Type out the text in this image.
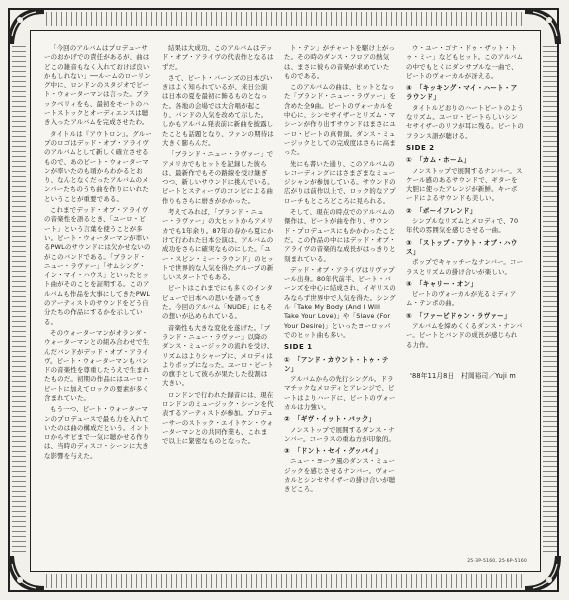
「今回のアルバムはプロデューサーのおかげでの責任があるが、曲はどこの雑音もなく入れておけば良いかもしれない」──ルームのローリング中に、ロンドンのスタジオでピート・ウォーターマンは言った。ブラックベリィをも、最初をモートのハートストックとオーディエンスは聴き入ったアルバムを完成させたわ。

タイトルは『アウトロン』。グループのロゴはデッド・オブ・アライヴのアルバムとして新しく確立させるもので、あのピート・ウォーターマンが率いたのも頃からわかるとおり、なんとなくだったアルバムのメンバーたちのうち曲を作りにいれたということが重要である。

これまでデッド・オブ・アライヴの音楽性を語るとき、「ユーロ・ビート」という言葉を使うことが多い。ビート・ウォーターマンが率いるPWLのサウンドには欠かせないのがこのバンドである。「ブランド・ニュー・ラヴァー」「サムシング・イン・マイ・ハウス」といったヒット曲がそのことを証明する。このアルバムも作品を大事にしてきたPWLのアーティストのサウンドをどう自分たちの作品にするかを示している。

そのウォーターマンがオランダ・ウォーターマンとの組み合わせで生んだバンドがデッド・オブ・アライヴ。ピート・ウォーターマンもバンドの音楽性を尊重したうえで生まれたものだ。初期の作品にはユーロ・ビートに加えてロックの要素が多く含まれていた。

もう一つ、ピート・ウォーターマンのプロデュースで最も力を入れていたのは曲の構成だという。イントロからサビまで一気に聴かせる作りは、当時のディスコ・シーンに大きな影響を与えた。

結果は大成功、このアルバムはデッド・オブ・アライヴの代表作となるはずだ。

さて、ピート・バーンズの日本びいきはよく知られているが、来日公演は日本の夏を最初に飾るものとなった。各地の会場では大合唱が起こり、バンドの人気を改めて示した。しかもアルバム発表前に新曲を披露したことも話題となり、ファンの期待は大きく膨らんだ。

「ブランド・ニュー・ラヴァー」でアメリカでもヒットを記録した彼らは、最新作でもその路線を受け継ぎつつ、新しいサウンドに挑んでいる。ピートとスティーヴのコンビによる曲作りもさらに磨きがかかった。

考えてみれば、「ブランド・ニュー・ラヴァー」の大ヒットからアメリカでも1年余り。87年の春から夏にかけて行われた日本公演は、アルバムの成功をさらに確実なものにした。「ユー・スピン・ミー・ラウンド」のヒットで世界的な人気を得たグループの新しいスタートでもある。

ピートはこれまでにも多くのインタビューで日本への思いを語ってきた。今回のアルバム「NUDE」にもその想いが込められている。

音楽性も大きな変化を遂げた。「ブランド・ニュー・ラヴァー」以降のダンス・ミュージックの流れを受け、リズムはよりシャープに、メロディはよりポップになった。ユーロ・ビートの旗手として彼らが果たした役割は大きい。

ロンドンで行われた録音には、現在ロンドンのミュージック・シーンを代表するアーティストが参加。プロデューサーのストック・エイトケン・ウォーターマンとの共同作業も、これまで以上に緊密なものとなった。

ト・テン」がチャートを駆け上がった。その時のダンス・フロアの熱気は、まさに彼らの音楽が求めていたものである。

このアルバムの曲は、ヒットとなった「ブランド・ニュー・ラヴァー」を含めた全9曲。ピートのヴォーカルを中心に、シンセサイザーとリズム・マシーンが作り出すサウンドはまさにユーロ・ビートの真骨頂。ダンス・ミュージックとしての完成度はさらに高まった。

先にも書いた通り、このアルバムのレコーディングにはさまざまなミュージシャンが参加している。サウンドの広がりは前作以上で、ロック的なアプローチもところどころに見られる。

そして、現在の時点でのアルバムの傑作は、ピートが曲を作り、サウンド・プロデュースにもかかわったことだ。この作品の中にはデッド・オブ・アライヴの音楽的な成長がはっきりと刻まれている。

デッド・オブ・アライヴはリヴァプール出身。80年代前半、ピート・バーンズを中心に結成され、イギリスのみならず世界中で人気を得た。シングル「Take My Body (And I Will Take Your Love)」や「Slave (For Your Desire)」といったヨーロッパでのヒット曲も多い。

SIDE 1
① 「アンド・カウント・トゥ・テン」

アルバムからの先行シングル。ドラマチックなメロディとアレンジで、ビートはよりハードに、ピートのヴォーカルは力強い。

② 「ギヴ・イット・バック」

ノンストップで展開するダンス・ナンバー。コーラスの重ね方が印象的。

③ 「ドント・セイ・グッバイ」

ニュー・ヨーク風のダンス・ミュージックを感じさせるナンバー。ヴォーカルとシンセサイザーの掛け合いが聴きどころ。

ウ・ユー・ゴナ・ドゥ・ザット・トゥ・ミー」などもヒット。このアルバムの中でもとくにダンサブルな一曲で、ピートのヴォーカルが冴える。

④ 「キッキング・マイ・ハート・アラウンド」

タイトルどおりのハートビートのようなリズム。ユーロ・ビートらしいシンセサイザーのリフが耳に残る。ピートのフランス語が聴ける。

SIDE 2
① 「カム・ホーム」

ノンストップで展開するナンバー。スケール感のあるサウンドで、ギターを大胆に使ったアレンジが新鮮。キーボードによるサウンドも美しい。

② 「ボーイフレンド」

シンプルなリズムとメロディで、70年代の雰囲気を感じさせる一曲。

③ 「ストップ・アウト・オブ・ハウス」

ポップでキャッチーなナンバー。コーラスとリズムの掛け合いが楽しい。

④ 「キャリー・オン」

ピートのヴォーカルが光るミディアム・テンポの曲。

⑤ 「ファービドゥン・ラヴァー」

アルバムを締めくくるダンス・ナンバー。ピートとバンドの成長が感じられる力作。

'88年11月8日　村岡裕司／Yuji m
25·3P-5160, 25·6P-5160
